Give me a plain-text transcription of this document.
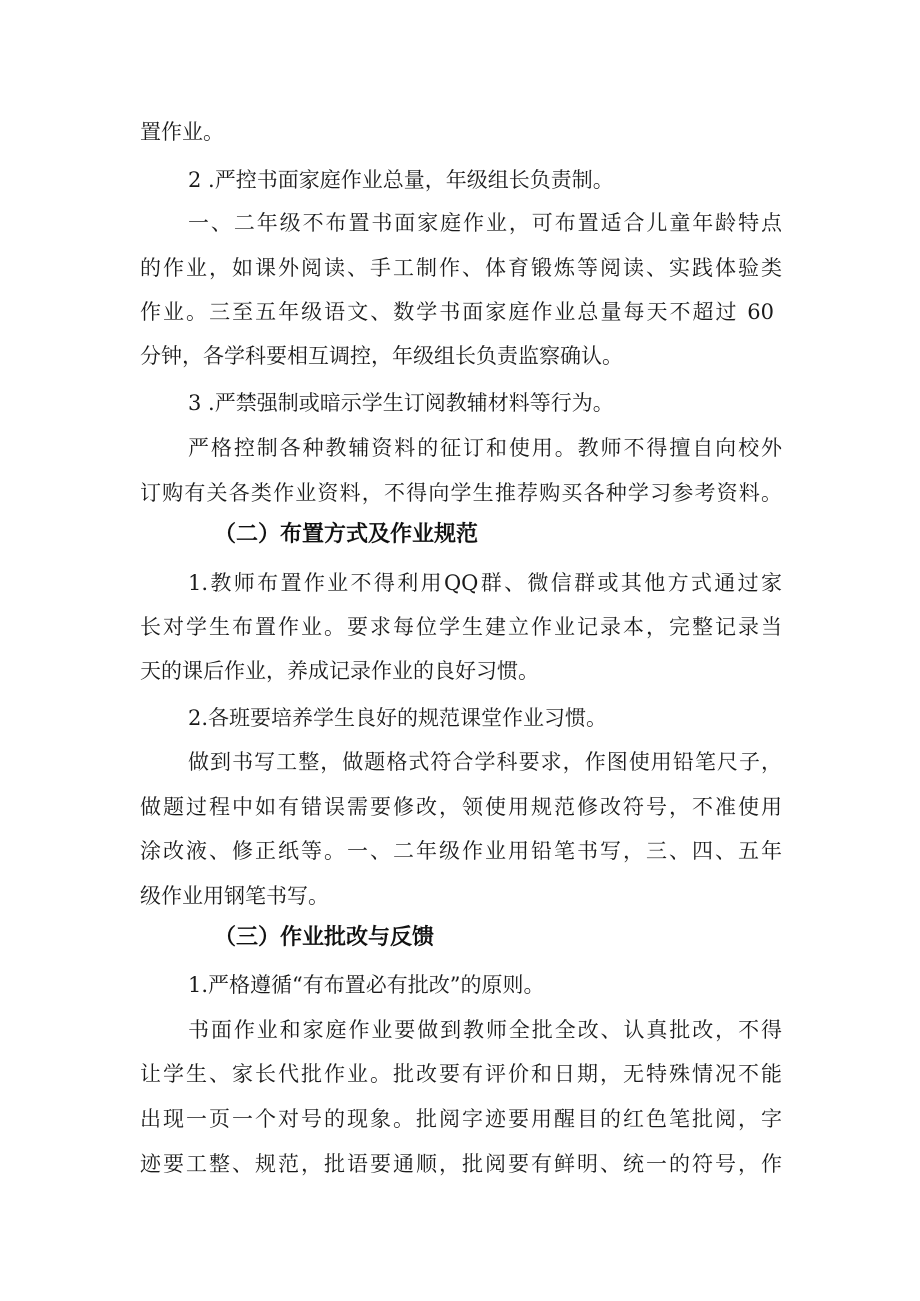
置作业。
2 .严控书面家庭作业总量，年级组长负责制。
一、二年级不布置书面家庭作业，可布置适合儿童年龄特点
的作业，如课外阅读、手工制作、体育锻炼等阅读、实践体验类
作业。三至五年级语文、数学书面家庭作业总量每天不超过 60
分钟，各学科要相互调控，年级组长负责监察确认。
3 .严禁强制或暗示学生订阅教辅材料等行为。
严格控制各种教辅资料的征订和使用。教师不得擅自向校外
订购有关各类作业资料，不得向学生推荐购买各种学习参考资料。
（二）布置方式及作业规范
1.教师布置作业不得利用QQ群、微信群或其他方式通过家
长对学生布置作业。要求每位学生建立作业记录本，完整记录当
天的课后作业，养成记录作业的良好习惯。
2.各班要培养学生良好的规范课堂作业习惯。
做到书写工整，做题格式符合学科要求，作图使用铅笔尺子，
做题过程中如有错误需要修改，领使用规范修改符号，不准使用
涂改液、修正纸等。一、二年级作业用铅笔书写，三、四、五年
级作业用钢笔书写。
（三）作业批改与反馈
1.严格遵循“有布置必有批改”的原则。
书面作业和家庭作业要做到教师全批全改、认真批改，不得
让学生、家长代批作业。批改要有评价和日期，无特殊情况不能
出现一页一个对号的现象。批阅字迹要用醒目的红色笔批阅，字
迹要工整、规范，批语要通顺，批阅要有鲜明、统一的符号，作
